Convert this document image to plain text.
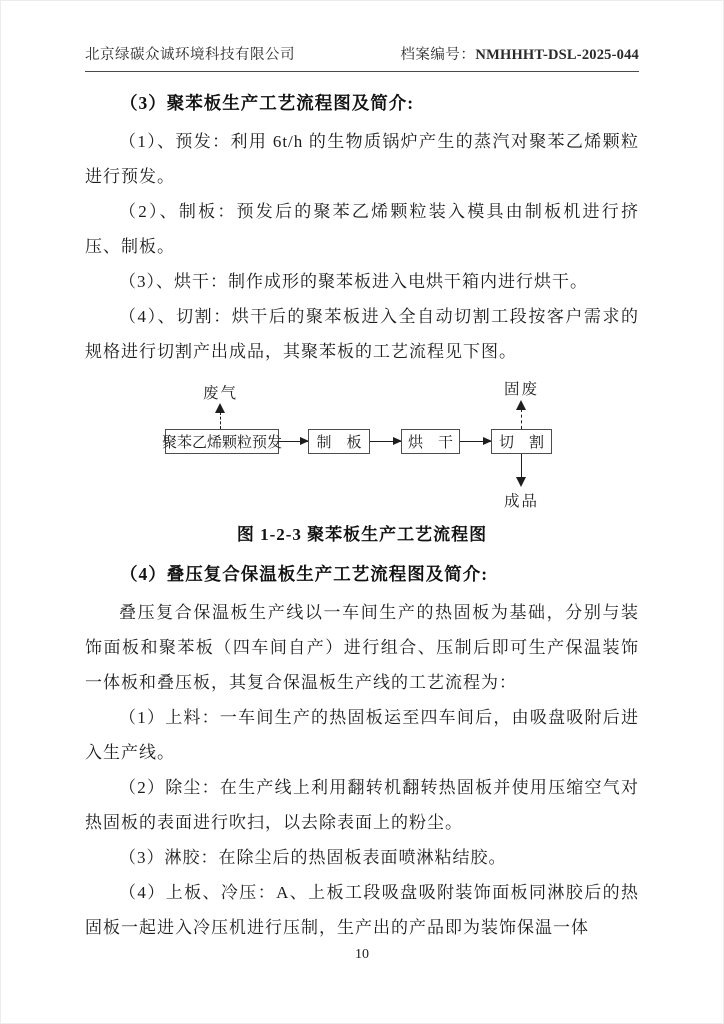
北京绿碳众诚环境科技有限公司	档案编号：NMHHHT-DSL-2025-044

（3）聚苯板生产工艺流程图及简介:

（1）、预发：利用 6t/h 的生物质锅炉产生的蒸汽对聚苯乙烯颗粒进行预发。

（2）、制板：预发后的聚苯乙烯颗粒装入模具由制板机进行挤压、制板。

（3）、烘干：制作成形的聚苯板进入电烘干箱内进行烘干。

（4）、切割：烘干后的聚苯板进入全自动切割工段按客户需求的规格进行切割产出成品，其聚苯板的工艺流程见下图。

废气
聚苯乙烯颗粒预发	制　板	烘　干	切　割
固废
成品

图 1-2-3 聚苯板生产工艺流程图

（4）叠压复合保温板生产工艺流程图及简介:

叠压复合保温板生产线以一车间生产的热固板为基础，分别与装饰面板和聚苯板（四车间自产）进行组合、压制后即可生产保温装饰一体板和叠压板，其复合保温板生产线的工艺流程为：

（1）上料：一车间生产的热固板运至四车间后，由吸盘吸附后进入生产线。

（2）除尘：在生产线上利用翻转机翻转热固板并使用压缩空气对热固板的表面进行吹扫，以去除表面上的粉尘。

（3）淋胶：在除尘后的热固板表面喷淋粘结胶。

（4）上板、冷压：A、上板工段吸盘吸附装饰面板同淋胶后的热固板一起进入冷压机进行压制，生产出的产品即为装饰保温一体

10
